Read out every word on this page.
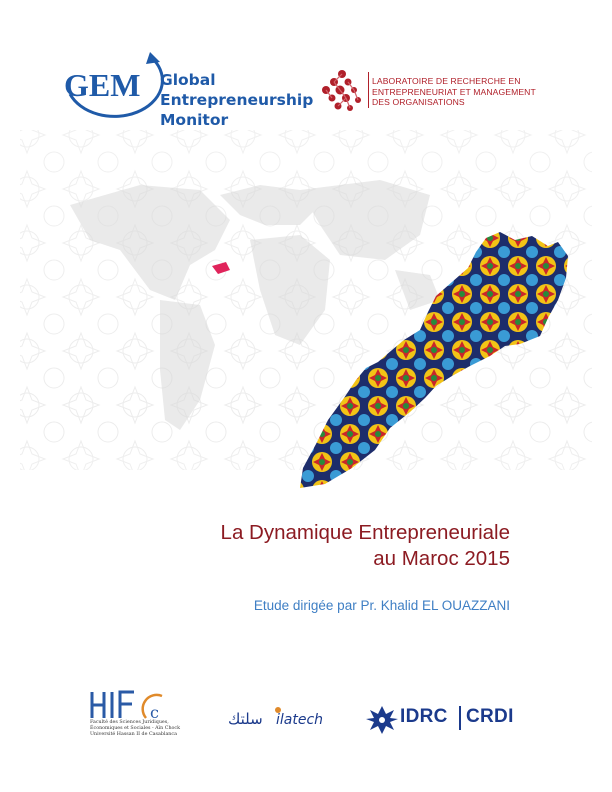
GEM Global
Entrepreneurship
Monitor
LABORATOIRE DE RECHERCHE EN
ENTREPRENEURIAT ET MANAGEMENT
DES ORGANISATIONS
La Dynamique Entrepreneuriale
au Maroc 2015
Etude dirigée par Pr. Khalid EL OUAZZANI
c
Faculté des Sciences Juridiques,
Économiques et Sociales - Aïn Chock
Université Hassan II de Casablanca
ﺳﻠﺘﻚ ilatech	IDRC CRDI
